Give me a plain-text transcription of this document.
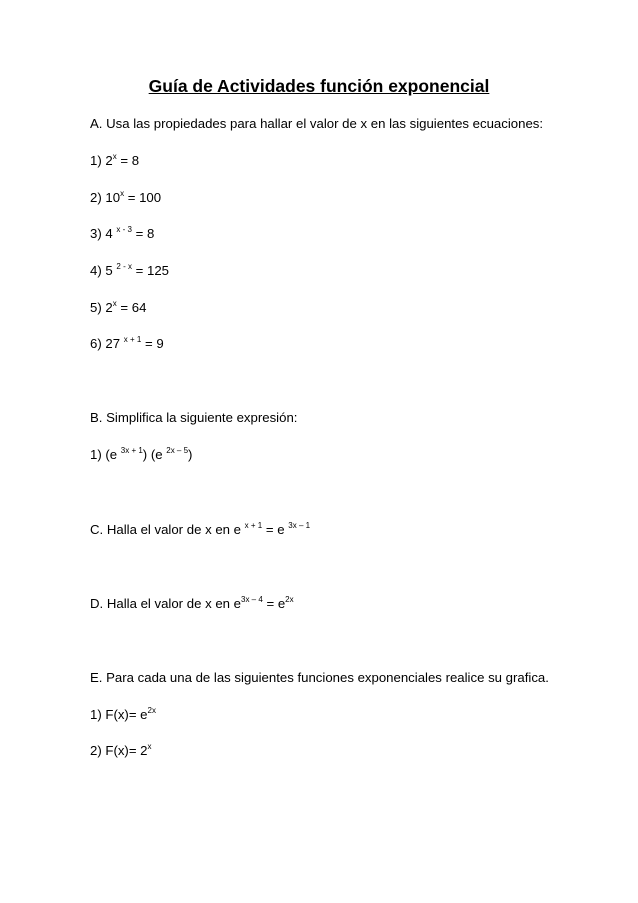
Guía de Actividades función exponencial
A. Usa las propiedades para hallar el valor de x en las siguientes ecuaciones:
1) $2^x = 8$
2) $10^x = 100$
3) 4 $^{x - 3}$ = 8
4) 5 $^{2 - x}$ = 125
5) $2^x = 64$
6) 27 $^{x + 1}$ = 9
B. Simplifica la siguiente expresión:
1) (e $^{3x + 1}$) (e $^{2x - 5}$)
C. Halla el valor de x en e $^{x + 1}$ = e $^{3x - 1}$
D. Halla el valor de x en $e^{3x - 4} = e^{2x}$
E. Para cada una de las siguientes funciones exponenciales realice su grafica.
1) $F(x)= e^{2x}$
2) $F(x)= 2^x$
